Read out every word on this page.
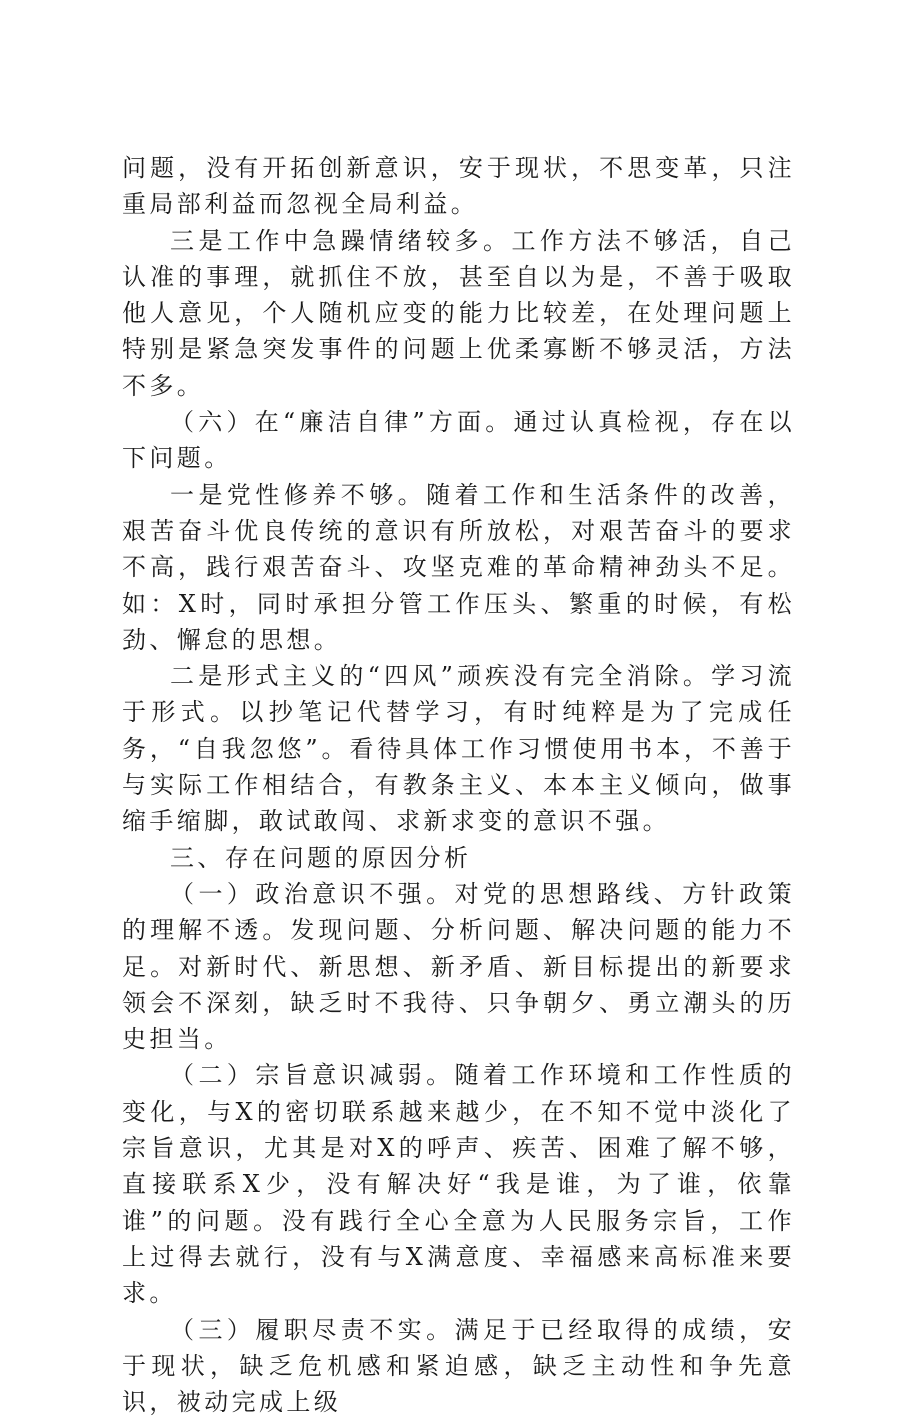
问题，没有开拓创新意识，安于现状，不思变革，只注重局部利益而忽视全局利益。

三是工作中急躁情绪较多。工作方法不够活，自己认准的事理，就抓住不放，甚至自以为是，不善于吸取他人意见，个人随机应变的能力比较差，在处理问题上特别是紧急突发事件的问题上优柔寡断不够灵活，方法不多。

（六）在“廉洁自律”方面。通过认真检视，存在以下问题。

一是党性修养不够。随着工作和生活条件的改善，艰苦奋斗优良传统的意识有所放松，对艰苦奋斗的要求不高，践行艰苦奋斗、攻坚克难的革命精神劲头不足。如：X时，同时承担分管工作压头、繁重的时候，有松劲、懈怠的思想。

二是形式主义的“四风”顽疾没有完全消除。学习流于形式。以抄笔记代替学习，有时纯粹是为了完成任务，“自我忽悠”。看待具体工作习惯使用书本，不善于与实际工作相结合，有教条主义、本本主义倾向，做事缩手缩脚，敢试敢闯、求新求变的意识不强。

三、存在问题的原因分析

（一）政治意识不强。对党的思想路线、方针政策的理解不透。发现问题、分析问题、解决问题的能力不足。对新时代、新思想、新矛盾、新目标提出的新要求领会不深刻，缺乏时不我待、只争朝夕、勇立潮头的历史担当。

（二）宗旨意识减弱。随着工作环境和工作性质的变化，与X的密切联系越来越少，在不知不觉中淡化了宗旨意识，尤其是对X的呼声、疾苦、困难了解不够，直接联系X少，没有解决好“我是谁，为了谁，依靠谁”的问题。没有践行全心全意为人民服务宗旨，工作上过得去就行，没有与X满意度、幸福感来高标准来要求。

（三）履职尽责不实。满足于已经取得的成绩，安于现状，缺乏危机感和紧迫感，缺乏主动性和争先意识，被动完成上级
